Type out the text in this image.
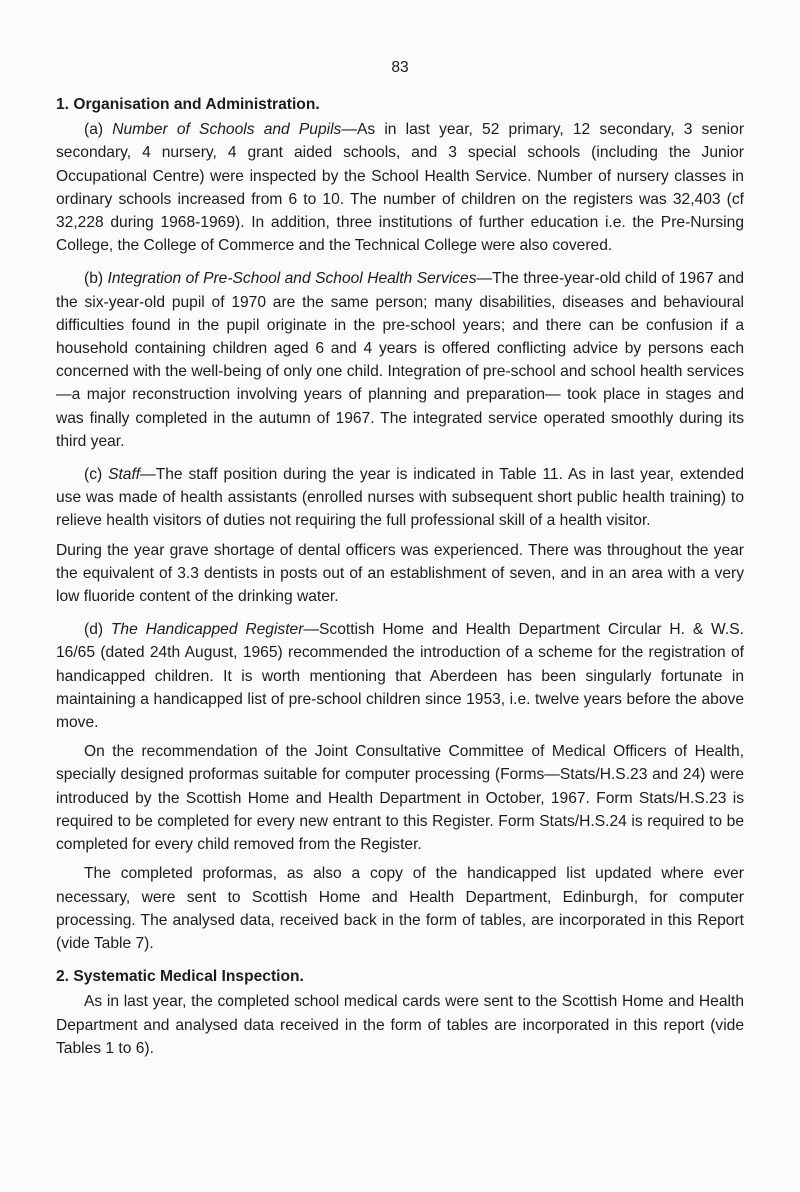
83
1. Organisation and Administration.

(a) Number of Schools and Pupils—As in last year, 52 primary, 12 secondary, 3 senior secondary, 4 nursery, 4 grant aided schools, and 3 special schools (including the Junior Occupational Centre) were inspected by the School Health Service. Number of nursery classes in ordinary schools increased from 6 to 10. The number of children on the registers was 32,403 (cf 32,228 during 1968-1969). In addition, three institutions of further education i.e. the Pre-Nursing College, the College of Commerce and the Technical College were also covered.

(b) Integration of Pre-School and School Health Services—The three-year-old child of 1967 and the six-year-old pupil of 1970 are the same person; many disabilities, diseases and behavioural difficulties found in the pupil originate in the pre-school years; and there can be confusion if a household containing children aged 6 and 4 years is offered conflicting advice by persons each concerned with the well-being of only one child. Integration of pre-school and school health services—a major reconstruction involving years of planning and preparation— took place in stages and was finally completed in the autumn of 1967. The integrated service operated smoothly during its third year.

(c) Staff—The staff position during the year is indicated in Table 11. As in last year, extended use was made of health assistants (enrolled nurses with subsequent short public health training) to relieve health visitors of duties not requiring the full professional skill of a health visitor.

During the year grave shortage of dental officers was experienced. There was throughout the year the equivalent of 3.3 dentists in posts out of an establishment of seven, and in an area with a very low fluoride content of the drinking water.

(d) The Handicapped Register—Scottish Home and Health Department Circular H. & W.S. 16/65 (dated 24th August, 1965) recommended the introduction of a scheme for the registration of handicapped children. It is worth mentioning that Aberdeen has been singularly fortunate in maintaining a handicapped list of pre-school children since 1953, i.e. twelve years before the above move.

On the recommendation of the Joint Consultative Committee of Medical Officers of Health, specially designed proformas suitable for computer processing (Forms—Stats/H.S.23 and 24) were introduced by the Scottish Home and Health Department in October, 1967. Form Stats/H.S.23 is required to be completed for every new entrant to this Register. Form Stats/H.S.24 is required to be completed for every child removed from the Register.

The completed proformas, as also a copy of the handicapped list updated where ever necessary, were sent to Scottish Home and Health Department, Edinburgh, for computer processing. The analysed data, received back in the form of tables, are incorporated in this Report (vide Table 7).

2. Systematic Medical Inspection.

As in last year, the completed school medical cards were sent to the Scottish Home and Health Department and analysed data received in the form of tables are incorporated in this report (vide Tables 1 to 6).
